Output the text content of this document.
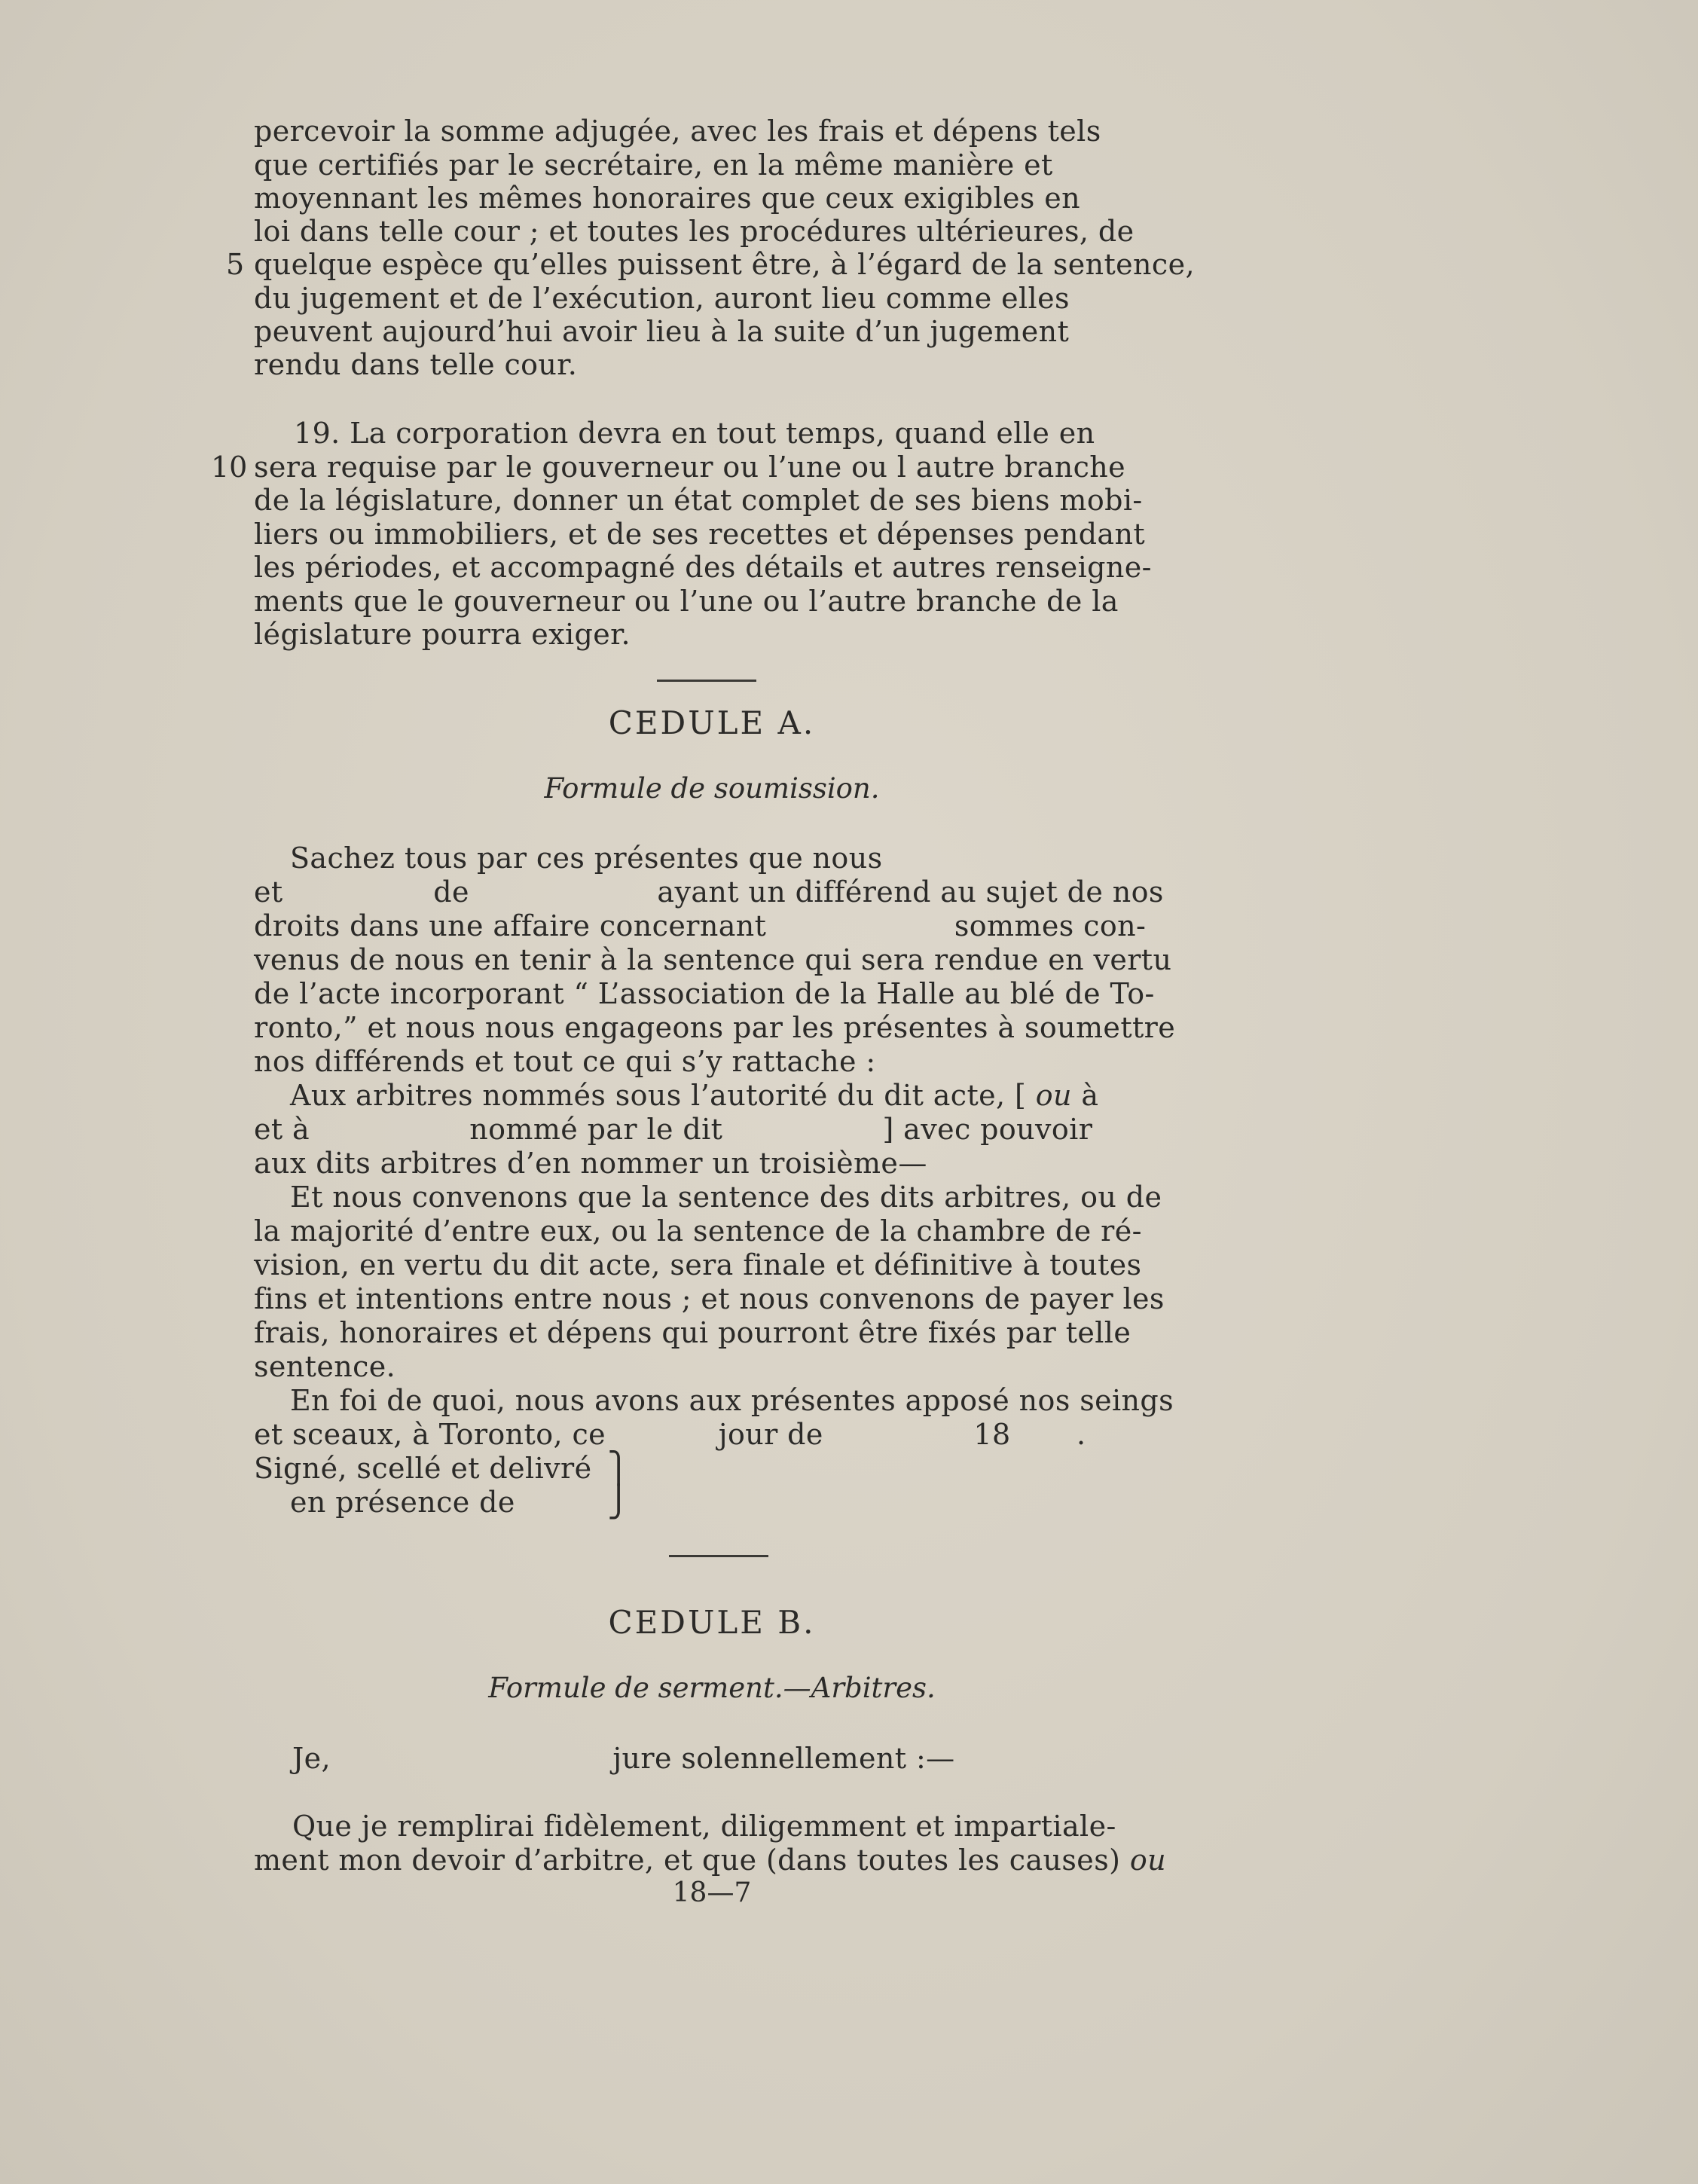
percevoir la somme adjugée, avec les frais et dépens tels
que certifiés par le secrétaire, en la même manière et
moyennant les mêmes honoraires que ceux exigibles en
loi dans telle cour ; et toutes les procédures ultérieures, de
5 quelque espèce qu’elles puissent être, à l’égard de la sentence,
du jugement et de l’exécution, auront lieu comme elles
peuvent aujourd’hui avoir lieu à la suite d’un jugement
rendu dans telle cour.
19. La corporation devra en tout temps, quand elle en
10 sera requise par le gouverneur ou l’une ou l autre branche
de la législature, donner un état complet de ses biens mobi-
liers ou immobiliers, et de ses recettes et dépenses pendant
les périodes, et accompagné des détails et autres renseigne-
ments que le gouverneur ou l’une ou l’autre branche de la
législature pourra exiger.
CEDULE A.
Formule de soumission.
Sachez tous par ces présentes que nous
et                de                    ayant un différend au sujet de nos
droits dans une affaire concernant                    sommes con-
venus de nous en tenir à la sentence qui sera rendue en vertu
de l’acte incorporant “ L’association de la Halle au blé de To-
ronto,” et nous nous engageons par les présentes à soumettre
nos différends et tout ce qui s’y rattache :
Aux arbitres nommés sous l’autorité du dit acte, [ ou à
et à                 nommé par le dit                 ] avec pouvoir
aux dits arbitres d’en nommer un troisième—
Et nous convenons que la sentence des dits arbitres, ou de
la majorité d’entre eux, ou la sentence de la chambre de ré-
vision, en vertu du dit acte, sera finale et définitive à toutes
fins et intentions entre nous ; et nous convenons de payer les
frais, honoraires et dépens qui pourront être fixés par telle
sentence.
En foi de quoi, nous avons aux présentes apposé nos seings
et sceaux, à Toronto, ce            jour de                18       .
Signé, scellé et delivré
en présence de
⎫
⎭
CEDULE B.
Formule de serment.—Arbitres.
Je,                              jure solennellement :—
Que je remplirai fidèlement, diligemment et impartiale-
ment mon devoir d’arbitre, et que (dans toutes les causes) ou
18—7
